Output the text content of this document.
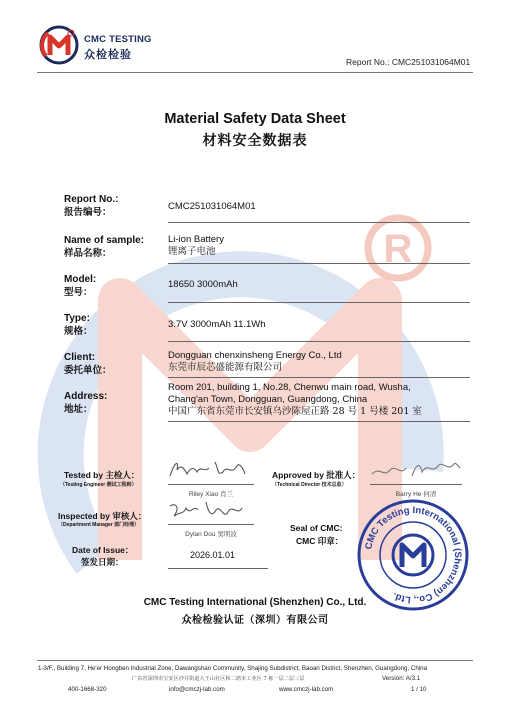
R
CMC TESTING
众检检验
Report No.: CMC251031064M01
Material Safety Data Sheet
材料安全数据表
Report No.:
报告编号：
CMC251031064M01
Name of sample:
样品名称：
Li-ion Battery
锂离子电池
Model:
型号：
18650 3000mAh
Type:
规格：
3.7V 3000mAh 11.1Wh
Client:
委托单位：
Dongguan chenxinsheng Energy Co., Ltd
东莞市辰芯盛能源有限公司
Address:
地址：
Room 201, building 1, No.28, Chenwu main road, Wusha,
Chang'an Town, Dongguan, Guangdong, China
中国广东省东莞市长安镇乌沙陈屋正路 28 号 1 号楼 201 室
Tested by 主检人：
（Testing Engineer 测试工程师）
Riley Xiao 肖兰
Approved by 批准人：
（Technical Director 技术总监）
Barry He 何清
Inspected by 审核人：
（Department Manager 部门经理）
Dylan Dou 窦明波
Seal of CMC:
CMC 印章： CMC Testing International (Shenzhen) Co., Ltd.
Date of Issue：
签发日期：
2026.01.01
CMC Testing International (Shenzhen) Co., Ltd.
众检检验认证（深圳）有限公司
1-3/F., Building 7, He'er Hongben Industrial Zone, Dawangshan Community, Shajing Subdistrict, Baoan District, Shenzhen, Guangdong, China
广东省深圳市宝安区沙井街道大王山社区和二鸿本工业区 7 栋一层二层三层	Version: A/3.1
400-1668-320	info@cmczj-lab.com	www.cmczj-lab.com	1 / 10
